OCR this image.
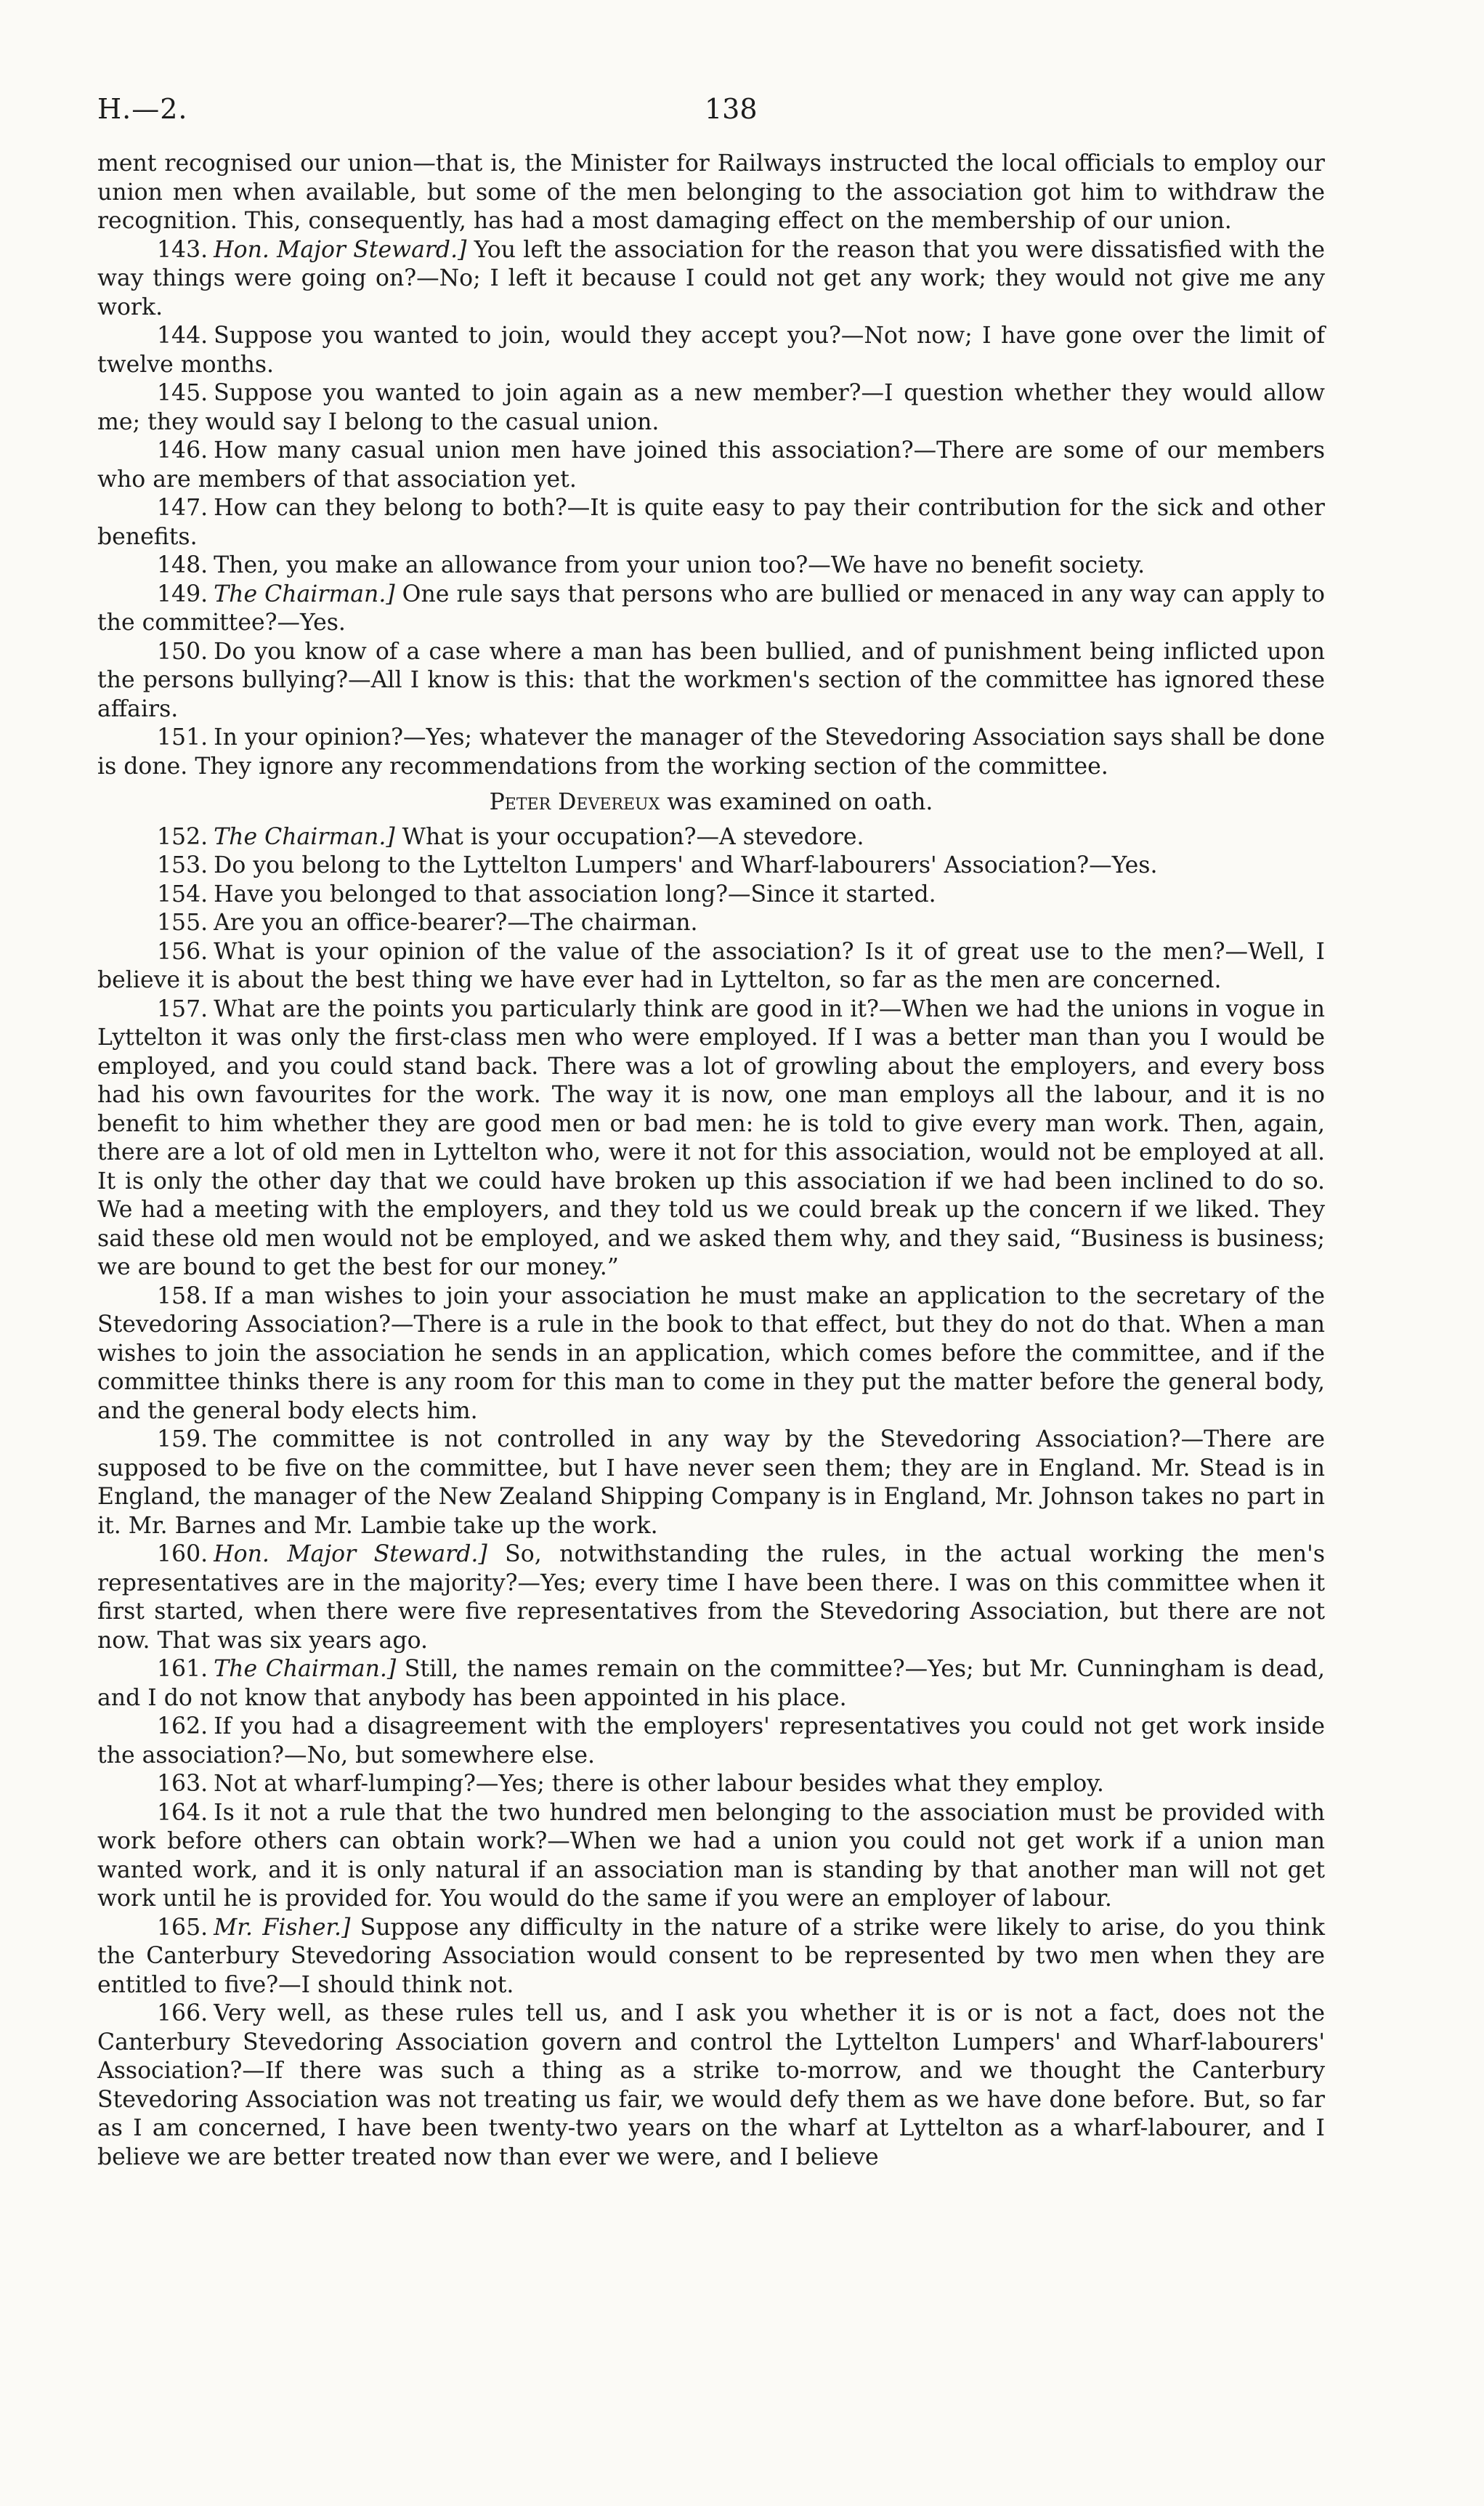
H.—2.	138

ment recognised our union—that is, the Minister for Railways instructed the local officials to employ our union men when available, but some of the men belonging to the association got him to withdraw the recognition. This, consequently, has had a most damaging effect on the membership of our union.

143. Hon. Major Steward.] You left the association for the reason that you were dissatisfied with the way things were going on?—No; I left it because I could not get any work; they would not give me any work.

144. Suppose you wanted to join, would they accept you?—Not now; I have gone over the limit of twelve months.

145. Suppose you wanted to join again as a new member?—I question whether they would allow me; they would say I belong to the casual union.

146. How many casual union men have joined this association?—There are some of our members who are members of that association yet.

147. How can they belong to both?—It is quite easy to pay their contribution for the sick and other benefits.

148. Then, you make an allowance from your union too?—We have no benefit society.

149. The Chairman.] One rule says that persons who are bullied or menaced in any way can apply to the committee?—Yes.

150. Do you know of a case where a man has been bullied, and of punishment being inflicted upon the persons bullying?—All I know is this: that the workmen's section of the committee has ignored these affairs.

151. In your opinion?—Yes; whatever the manager of the Stevedoring Association says shall be done is done. They ignore any recommendations from the working section of the committee.

Peter Devereux was examined on oath.

152. The Chairman.] What is your occupation?—A stevedore.

153. Do you belong to the Lyttelton Lumpers' and Wharf-labourers' Association?—Yes.

154. Have you belonged to that association long?—Since it started.

155. Are you an office-bearer?—The chairman.

156. What is your opinion of the value of the association? Is it of great use to the men?—Well, I believe it is about the best thing we have ever had in Lyttelton, so far as the men are concerned.

157. What are the points you particularly think are good in it?—When we had the unions in vogue in Lyttelton it was only the first-class men who were employed. If I was a better man than you I would be employed, and you could stand back. There was a lot of growling about the employers, and every boss had his own favourites for the work. The way it is now, one man employs all the labour, and it is no benefit to him whether they are good men or bad men: he is told to give every man work. Then, again, there are a lot of old men in Lyttelton who, were it not for this association, would not be employed at all. It is only the other day that we could have broken up this association if we had been inclined to do so. We had a meeting with the employers, and they told us we could break up the concern if we liked. They said these old men would not be employed, and we asked them why, and they said, “Business is business; we are bound to get the best for our money.”

158. If a man wishes to join your association he must make an application to the secretary of the Stevedoring Association?—There is a rule in the book to that effect, but they do not do that. When a man wishes to join the association he sends in an application, which comes before the committee, and if the committee thinks there is any room for this man to come in they put the matter before the general body, and the general body elects him.

159. The committee is not controlled in any way by the Stevedoring Association?—There are supposed to be five on the committee, but I have never seen them; they are in England. Mr. Stead is in England, the manager of the New Zealand Shipping Company is in England, Mr. Johnson takes no part in it. Mr. Barnes and Mr. Lambie take up the work.

160. Hon. Major Steward.] So, notwithstanding the rules, in the actual working the men's representatives are in the majority?—Yes; every time I have been there. I was on this committee when it first started, when there were five representatives from the Stevedoring Association, but there are not now. That was six years ago.

161. The Chairman.] Still, the names remain on the committee?—Yes; but Mr. Cunningham is dead, and I do not know that anybody has been appointed in his place.

162. If you had a disagreement with the employers' representatives you could not get work inside the association?—No, but somewhere else.

163. Not at wharf-lumping?—Yes; there is other labour besides what they employ.

164. Is it not a rule that the two hundred men belonging to the association must be provided with work before others can obtain work?—When we had a union you could not get work if a union man wanted work, and it is only natural if an association man is standing by that another man will not get work until he is provided for. You would do the same if you were an employer of labour.

165. Mr. Fisher.] Suppose any difficulty in the nature of a strike were likely to arise, do you think the Canterbury Stevedoring Association would consent to be represented by two men when they are entitled to five?—I should think not.

166. Very well, as these rules tell us, and I ask you whether it is or is not a fact, does not the Canterbury Stevedoring Association govern and control the Lyttelton Lumpers' and Wharf-labourers' Association?—If there was such a thing as a strike to-morrow, and we thought the Canterbury Stevedoring Association was not treating us fair, we would defy them as we have done before. But, so far as I am concerned, I have been twenty-two years on the wharf at Lyttelton as a wharf-labourer, and I believe we are better treated now than ever we were, and I believe
